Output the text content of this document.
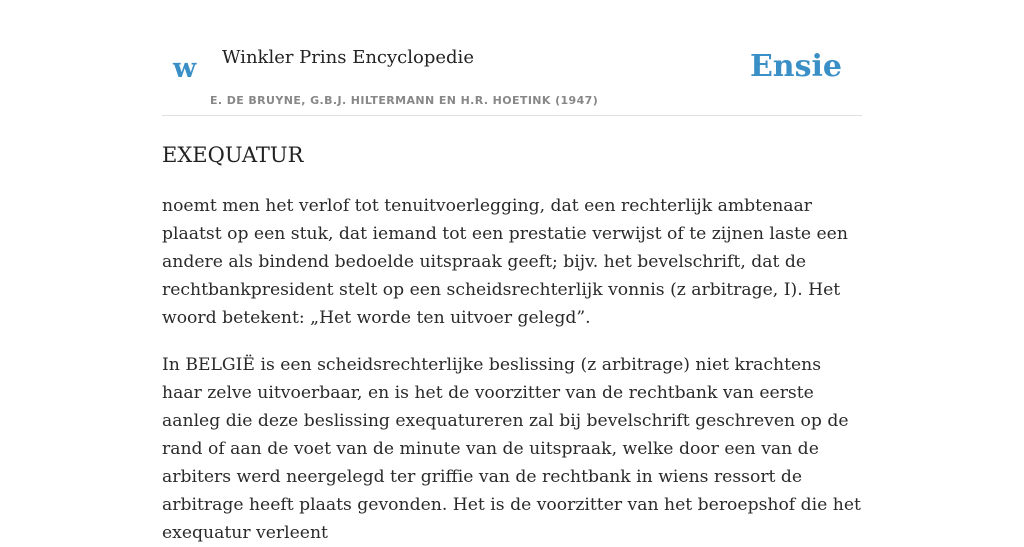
w Winkler Prins Encyclopedie
E. DE BRUYNE, G.B.J. HILTERMANN EN H.R. HOETINK (1947)
Ensie
EXEQUATUR

noemt men het verlof tot tenuitvoerlegging, dat een rechterlijk ambtenaar plaatst op een stuk, dat iemand tot een prestatie verwijst of te zijnen laste een andere als bindend bedoelde uitspraak geeft; bijv. het bevelschrift, dat de rechtbankpresident stelt op een scheidsrechterlijk vonnis (z arbitrage, I). Het woord betekent: „Het worde ten uitvoer gelegd”.

In BELGIË is een scheidsrechterlijke beslissing (z arbitrage) niet krachtens haar zelve uitvoerbaar, en is het de voorzitter van de rechtbank van eerste aanleg die deze beslissing exequatureren zal bij bevelschrift geschreven op de rand of aan de voet van de minute van de uitspraak, welke door een van de arbiters werd neergelegd ter griffie van de rechtbank in wiens ressort de arbitrage heeft plaats gevonden. Het is de voorzitter van het beroepshof die het exequatur verleent
